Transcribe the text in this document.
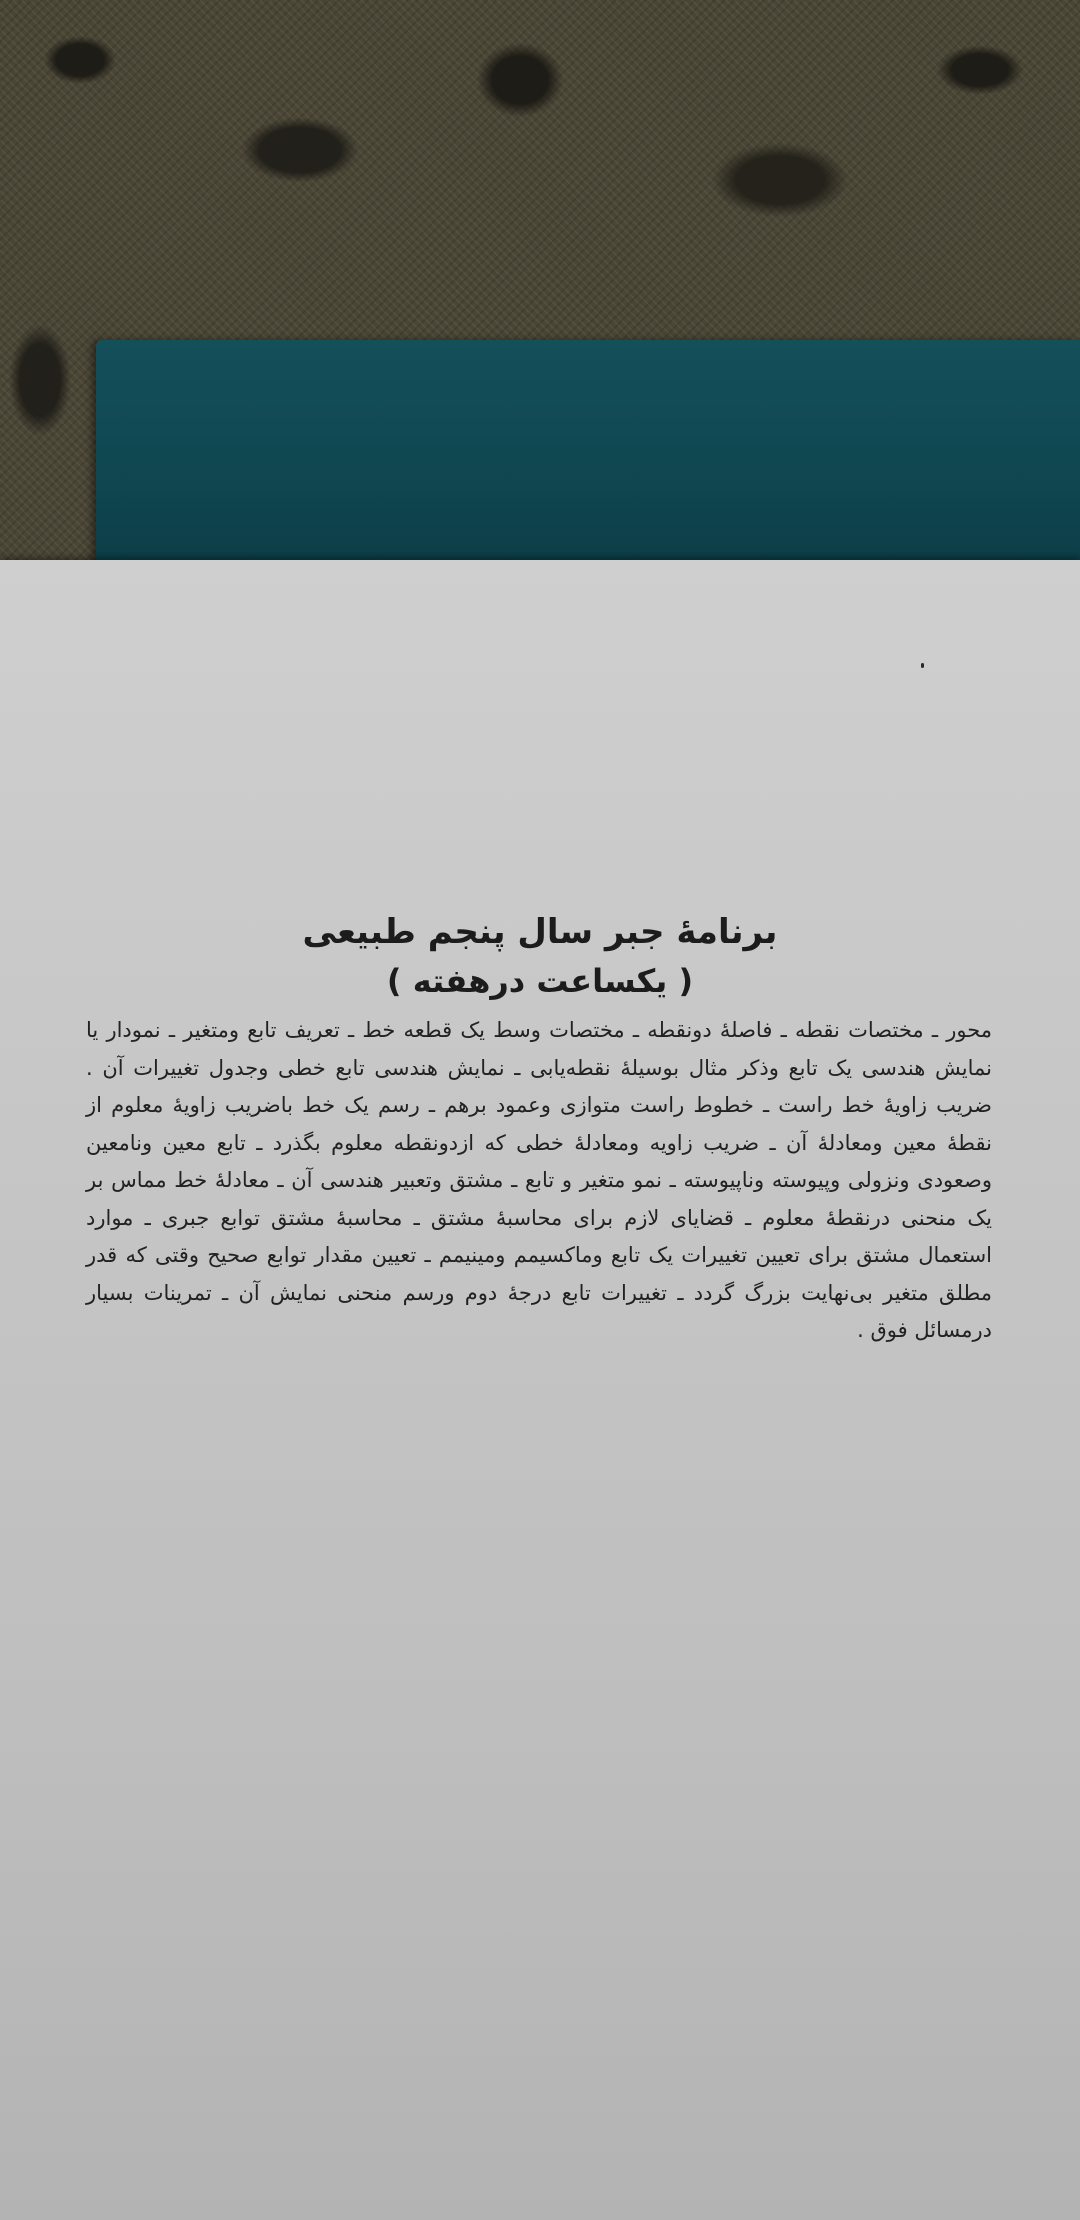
برنامهٔ جبر سال پنجم طبیعی
( یکساعت درهفته )

محور ـ مختصات نقطه ـ فاصلهٔ دونقطه ـ مختصات وسط یک قطعه خط ـ تعریف تابع ومتغیر ـ نمودار یا نمایش هندسی یک تابع وذکر مثال بوسیلهٔ نقطه‌یابی ـ نمایش هندسی تابع خطی وجدول تغییرات آن . ضریب زاویهٔ خط راست ـ خطوط راست متوازی وعمود برهم ـ رسم یک خط باضریب زاویهٔ معلوم از نقطهٔ معین ومعادلهٔ آن ـ ضریب زاویه ومعادلهٔ خطی که ازدونقطه معلوم بگذرد ـ تابع معین ونامعین وصعودی ونزولی وپیوسته وناپیوسته ـ نمو متغیر و تابع ـ مشتق وتعبیر هندسی آن ـ معادلهٔ خط مماس بر یک منحنی درنقطهٔ معلوم ـ قضایای لازم برای محاسبهٔ مشتق ـ محاسبهٔ مشتق توابع جبری ـ موارد استعمال مشتق برای تعیین تغییرات یک تابع وماکسیمم ومینیمم ـ تعیین مقدار توابع صحیح وقتی که قدر مطلق متغیر بی‌نهایت بزرگ گردد ـ تغییرات تابع درجهٔ دوم ورسم منحنی نمایش آن ـ تمرینات بسیار درمسائل فوق .
